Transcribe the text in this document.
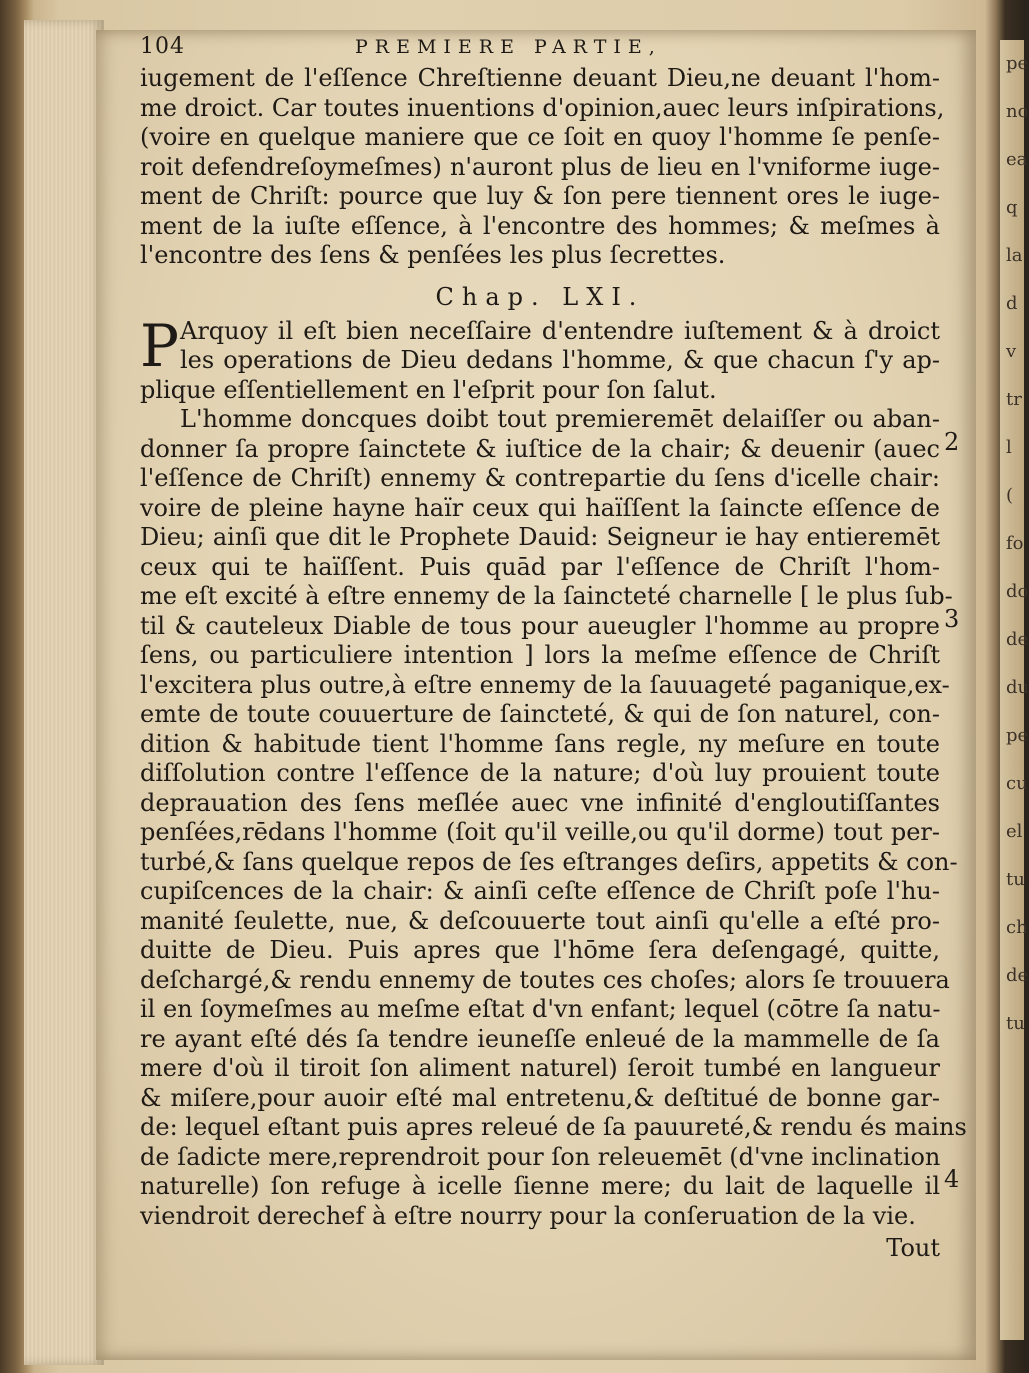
pe
no
ea
q
la
d
v
tr
l
(
fo
do
de
du
pe
cu
el
tu
ch
de
tu
104	PREMIERE PARTIE,
iugement de l'eſſence Chreſtienne deuant Dieu,ne deuant l'hom-
me droict. Car toutes inuentions d'opinion,auec leurs inſpirations,
(voire en quelque maniere que ce ſoit en quoy l'homme ſe penſe-
roit defendreſoymeſmes) n'auront plus de lieu en l'vniforme iuge-
ment de Chriſt: pource que luy & ſon pere tiennent ores le iuge-
ment de la iuſte eſſence, à l'encontre des hommes; & meſmes à
l'encontre des ſens & penſées les plus ſecrettes.
Chap. LXI.
P Arquoy il eſt bien neceſſaire d'entendre iuſtement & à droict
les operations de Dieu dedans l'homme, & que chacun ſ'y ap-
plique eſſentiellement en l'eſprit pour ſon ſalut.
L'homme doncques doibt tout premieremēt delaiſſer ou aban-
donner ſa propre ſainctete & iuſtice de la chair; & deuenir (auec
l'eſſence de Chriſt) ennemy & contrepartie du ſens d'icelle chair:
voire de pleine hayne haïr ceux qui haïſſent la ſaincte eſſence de
Dieu; ainſi que dit le Prophete Dauid: Seigneur ie hay entieremēt
ceux qui te haïſſent. Puis quād par l'eſſence de Chriſt l'hom-
me eſt excité à eſtre ennemy de la ſaincteté charnelle [ le plus ſub-
til & cauteleux Diable de tous pour aueugler l'homme au propre
ſens, ou particuliere intention ] lors la meſme eſſence de Chriſt
l'excitera plus outre,à eſtre ennemy de la ſauuageté paganique,ex-
emte de toute couuerture de ſaincteté, & qui de ſon naturel, con-
dition & habitude tient l'homme ſans regle, ny meſure en toute
diſſolution contre l'eſſence de la nature; d'où luy prouient toute
deprauation des ſens meſlée auec vne infinité d'engloutiſſantes
penſées,rēdans l'homme (ſoit qu'il veille,ou qu'il dorme) tout per-
turbé,& ſans quelque repos de ſes eſtranges deſirs, appetits & con-
cupiſcences de la chair: & ainſi ceſte eſſence de Chriſt poſe l'hu-
manité ſeulette, nue, & deſcouuerte tout ainſi qu'elle a eſté pro-
duitte de Dieu. Puis apres que l'hōme ſera deſengagé, quitte,
deſchargé,& rendu ennemy de toutes ces choſes; alors ſe trouuera
il en ſoymeſmes au meſme eſtat d'vn enfant; lequel (cōtre ſa natu-
re ayant eſté dés ſa tendre ieuneſſe enleué de la mammelle de ſa
mere d'où il tiroit ſon aliment naturel) ſeroit tumbé en langueur
& miſere,pour auoir eſté mal entretenu,& deſtitué de bonne gar-
de: lequel eſtant puis apres releué de ſa pauureté,& rendu és mains
de ſadicte mere,reprendroit pour ſon releuemēt (d'vne inclination
naturelle) ſon refuge à icelle ſienne mere; du lait de laquelle il
viendroit derechef à eſtre nourry pour la conſeruation de la vie.
Tout
2
3
4
